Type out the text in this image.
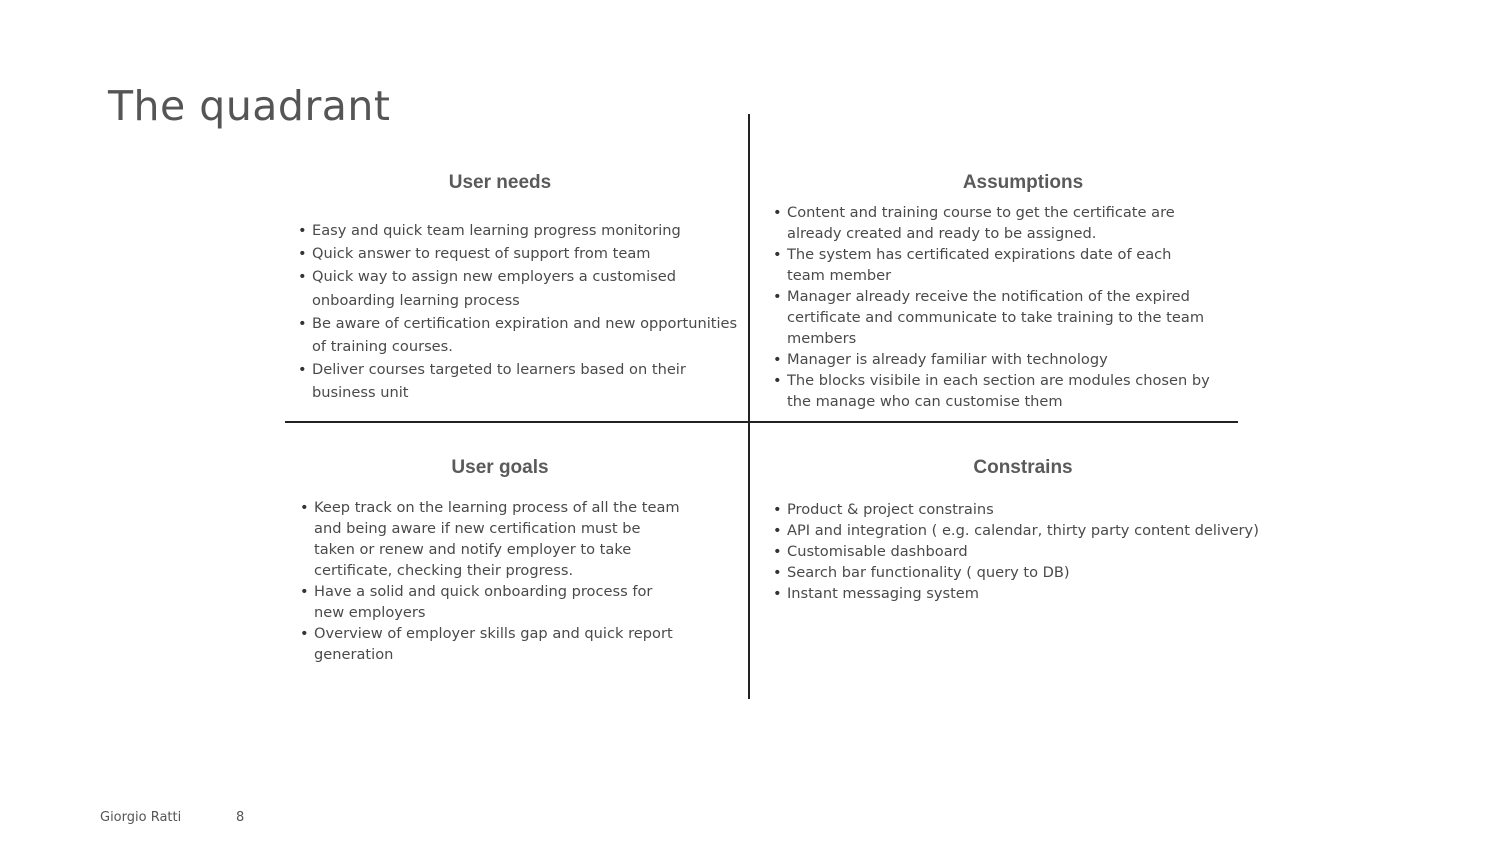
The quadrant
User needs
• Easy and quick team learning progress monitoring
• Quick answer to request of support from team
• Quick way to assign new employers a customised onboarding learning process
• Be aware of certification expiration and new opportunities of training courses.
• Deliver courses targeted to learners based on their business unit
Assumptions
• Content and training course to get the certificate are already created and ready to be assigned.
• The system has certificated expirations date of each team member
• Manager already receive the notification of the expired certificate and communicate to take training to the team members
• Manager is already familiar with technology
• The blocks visibile in each section are modules chosen by the manage who can customise them
User goals
• Keep track on the learning process of all the team and being aware if new certification must be taken or renew and notify employer to take certificate, checking their progress.
• Have a solid and quick onboarding process for new employers
• Overview of employer skills gap and quick report generation
Constrains
• Product & project constrains
• API and integration ( e.g. calendar, thirty party content delivery)
• Customisable dashboard
• Search bar functionality ( query to DB)
• Instant messaging system
Giorgio Ratti	8
